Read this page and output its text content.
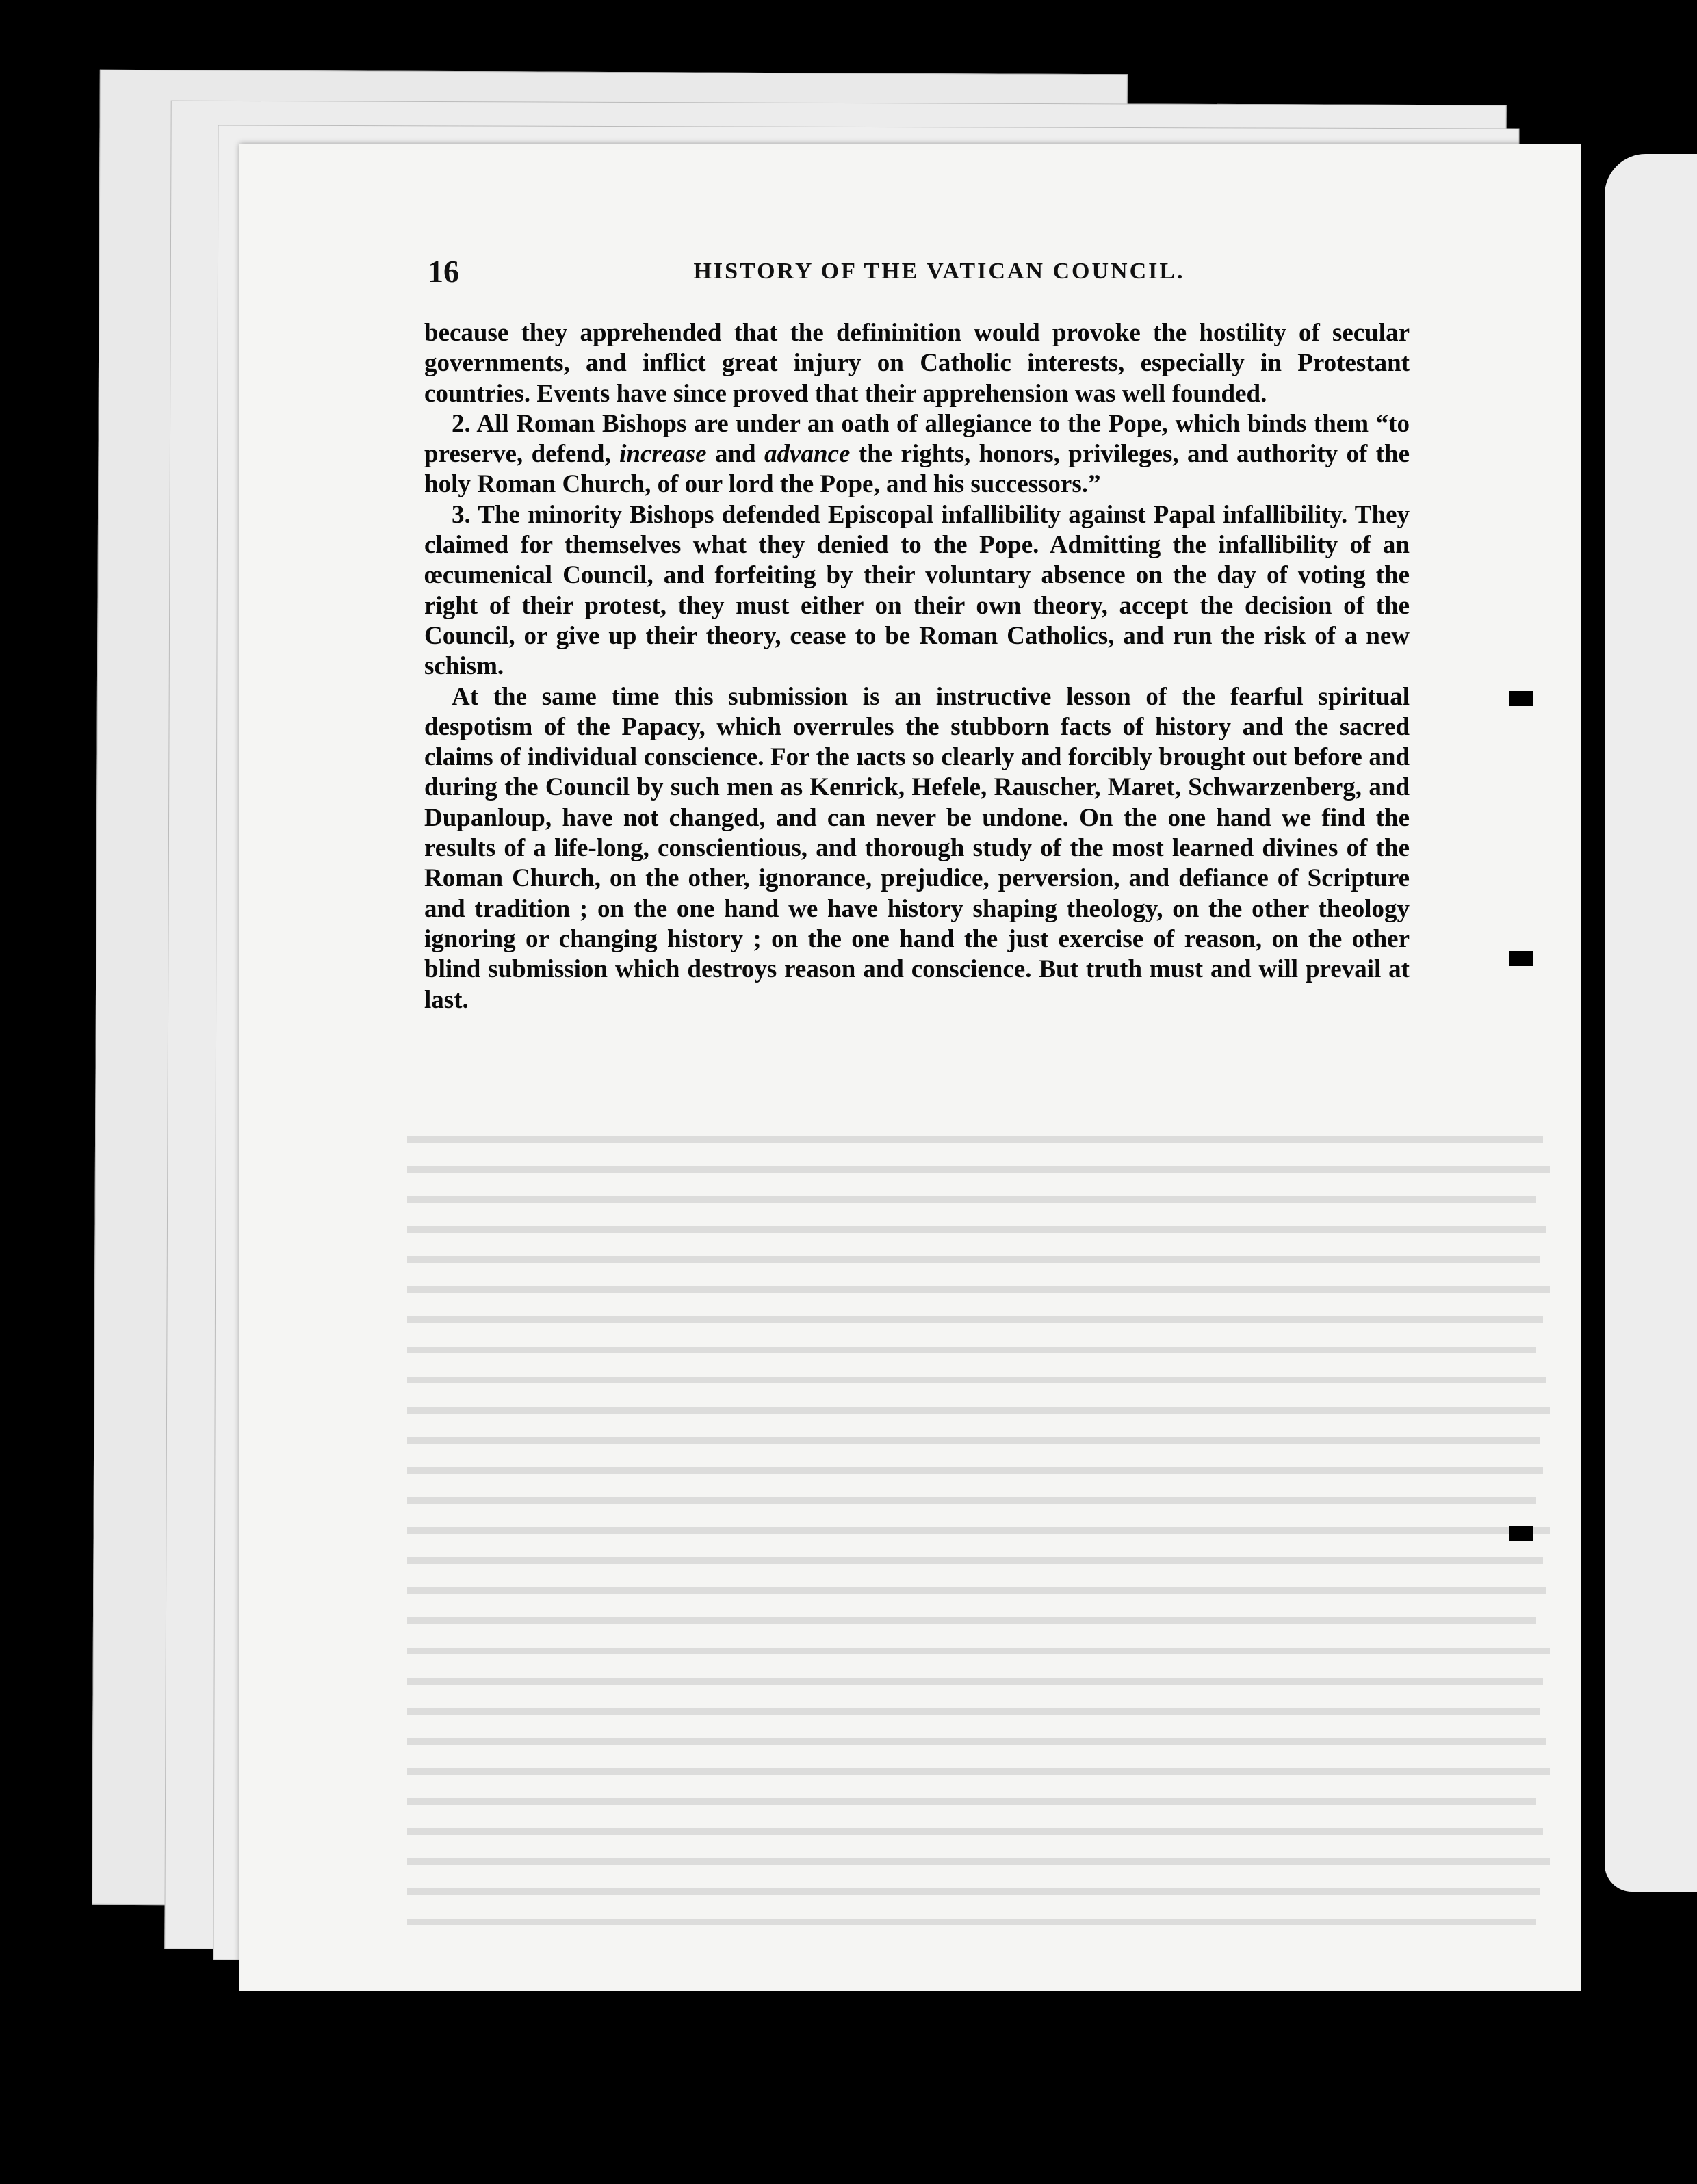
16	HISTORY OF THE VATICAN COUNCIL.

because they apprehended that the defininition would provoke the hostility of secular governments, and inflict great injury on Catholic interests, especially in Protestant countries. Events have since proved that their apprehension was well founded.

2. All Roman Bishops are under an oath of allegiance to the Pope, which binds them “to preserve, defend, increase and advance the rights, honors, privileges, and authority of the holy Roman Church, of our lord the Pope, and his successors.”

3. The minority Bishops defended Episcopal infallibility against Papal infallibility. They claimed for themselves what they denied to the Pope. Admitting the infallibility of an œcumenical Council, and forfeiting by their voluntary absence on the day of voting the right of their protest, they must either on their own theory, accept the decision of the Council, or give up their theory, cease to be Roman Catholics, and run the risk of a new schism.

At the same time this submission is an instructive lesson of the fearful spiritual despotism of the Papacy, which overrules the stubborn facts of history and the sacred claims of individual conscience. For the ıacts so clearly and forcibly brought out before and during the Council by such men as Kenrick, Hefele, Rauscher, Maret, Schwarzenberg, and Dupanloup, have not changed, and can never be undone. On the one hand we find the results of a life-long, conscientious, and thorough study of the most learned divines of the Roman Church, on the other, ignorance, prejudice, perversion, and defiance of Scripture and tradition ; on the one hand we have history shaping theology, on the other theology ignoring or changing history ; on the one hand the just exercise of reason, on the other blind submission which destroys reason and conscience. But truth must and will prevail at last.
